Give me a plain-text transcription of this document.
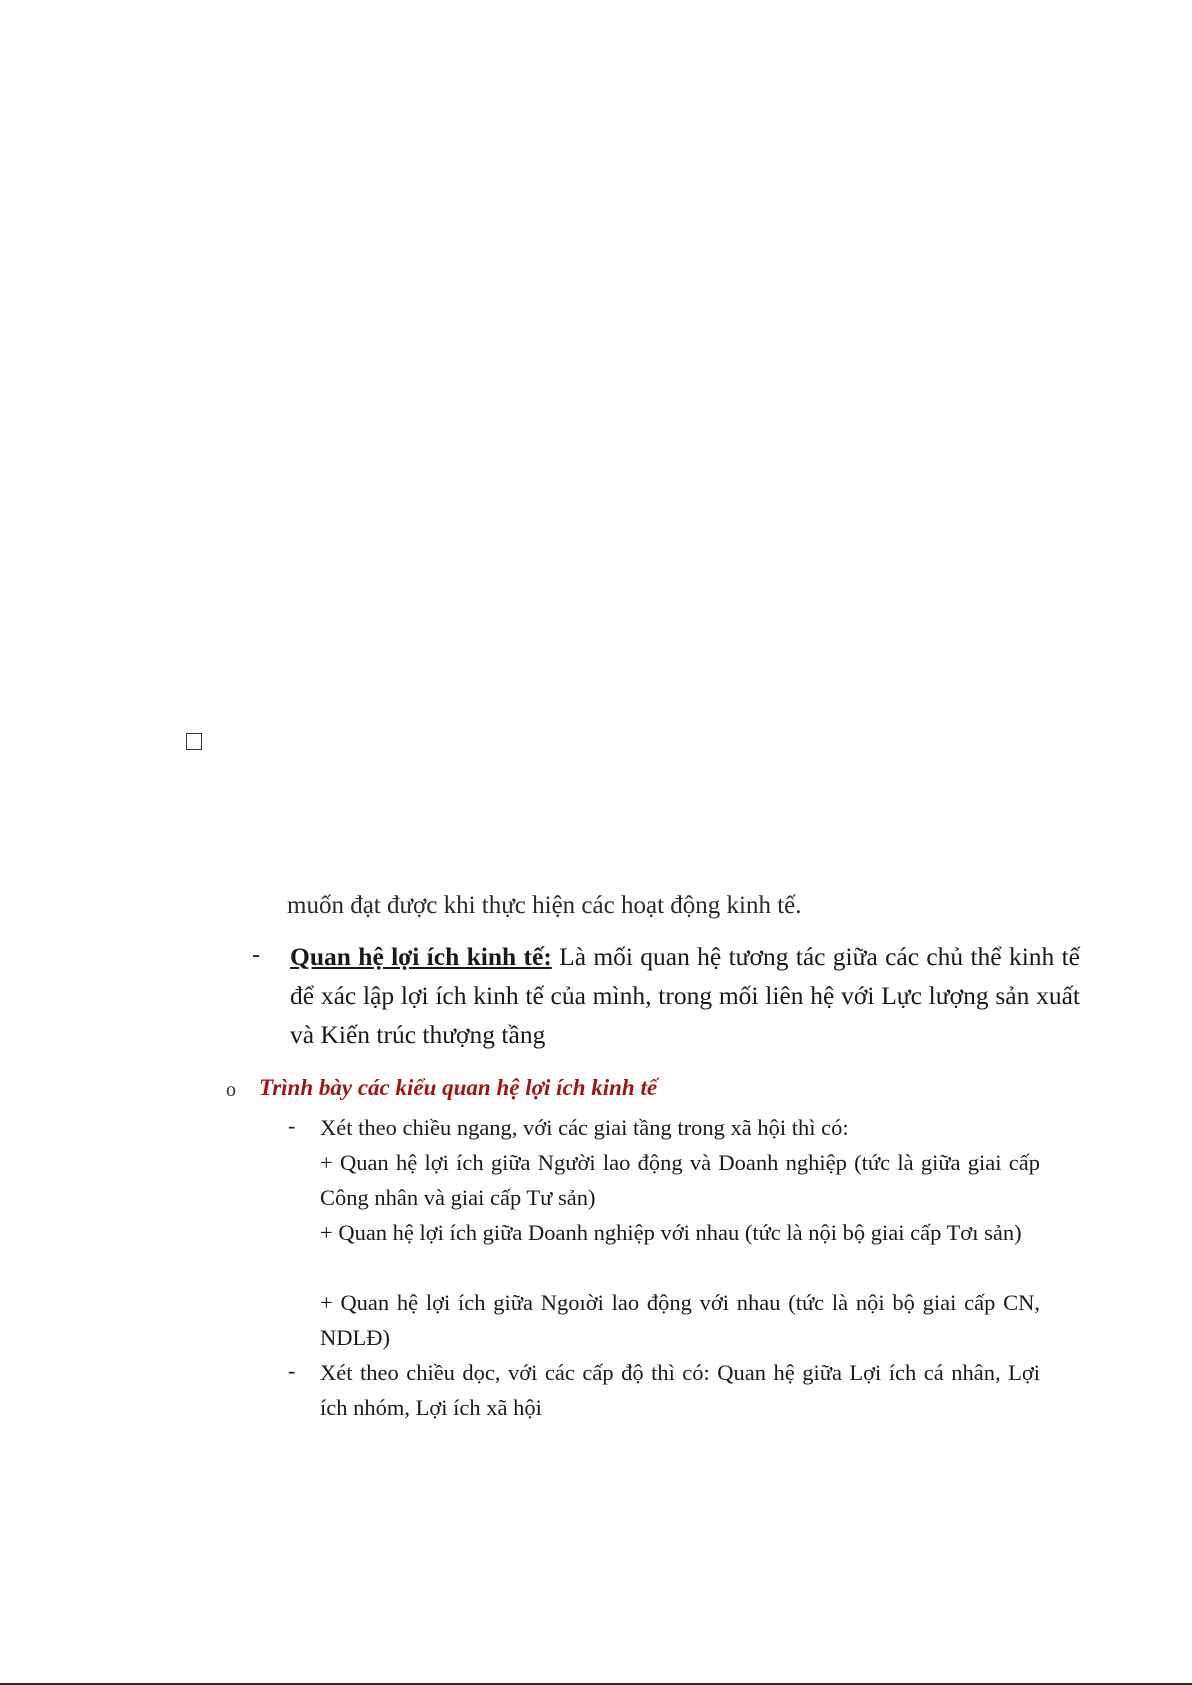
muốn đạt được khi thực hiện các hoạt động kinh tế.
- Quan hệ lợi ích kinh tế: Là mối quan hệ tương tác giữa các chủ thể kinh tế để xác lập lợi ích kinh tế của mình, trong mối liên hệ với Lực lượng sản xuất và Kiến trúc thượng tầng
o Trình bày các kiểu quan hệ lợi ích kinh tế
- Xét theo chiều ngang, với các giai tầng trong xã hội thì có:
+ Quan hệ lợi ích giữa Người lao động và Doanh nghiệp (tức là giữa giai cấp Công nhân và giai cấp Tư sản)
+ Quan hệ lợi ích giữa Doanh nghiệp với nhau (tức là nội bộ giai cấp Tơı sản)
+ Quan hệ lợi ích giữa Ngoıời lao động với nhau (tức là nội bộ giai cấp CN, NDLĐ)
- Xét theo chiều dọc, với các cấp độ thì có: Quan hệ giữa Lợi ích cá nhân, Lợi ích nhóm, Lợi ích xã hội
